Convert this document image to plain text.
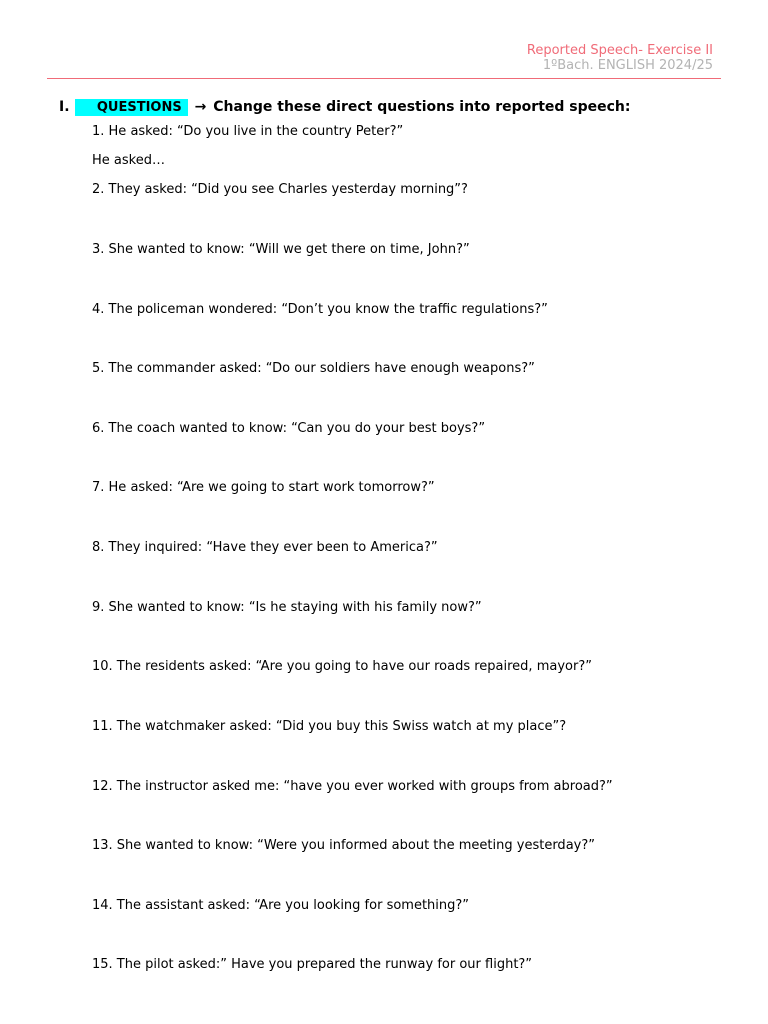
Reported Speech- Exercise II
1ºBach. ENGLISH 2024/25
I. QUESTIONS → Change these direct questions into reported speech:
1. He asked: “Do you live in the country Peter?”
He asked…
2. They asked: “Did you see Charles yesterday morning”?
3. She wanted to know: “Will we get there on time, John?”
4. The policeman wondered: “Don’t you know the traffic regulations?”
5. The commander asked: “Do our soldiers have enough weapons?”
6. The coach wanted to know: “Can you do your best boys?”
7. He asked: “Are we going to start work tomorrow?”
8. They inquired: “Have they ever been to America?”
9. She wanted to know: “Is he staying with his family now?”
10. The residents asked: “Are you going to have our roads repaired, mayor?”
11. The watchmaker asked: “Did you buy this Swiss watch at my place”?
12. The instructor asked me: “have you ever worked with groups from abroad?”
13. She wanted to know: “Were you informed about the meeting yesterday?”
14. The assistant asked: “Are you looking for something?”
15. The pilot asked:” Have you prepared the runway for our flight?”
